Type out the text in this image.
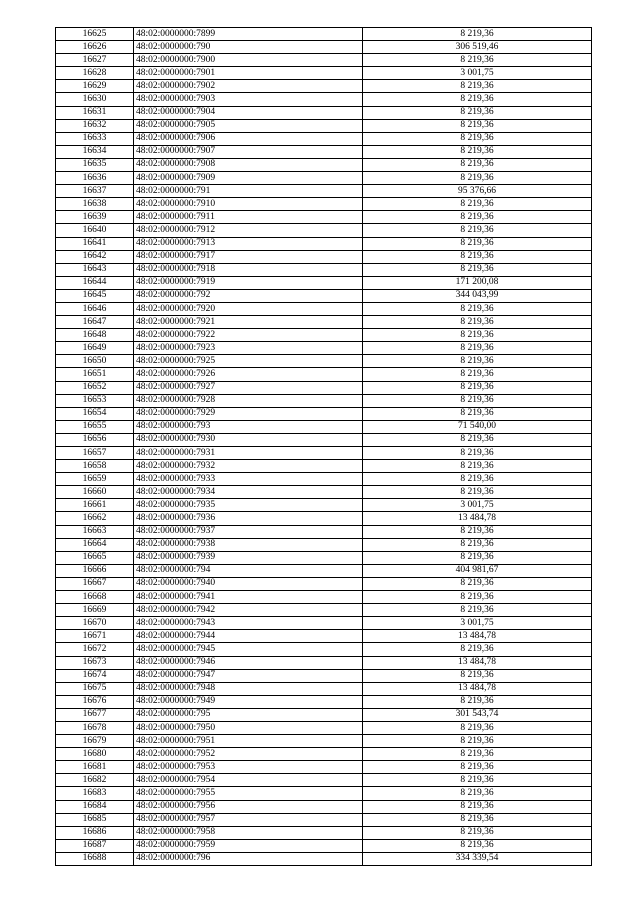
16625	48:02:0000000:7899	8 219,36
16626	48:02:0000000:790	306 519,46
16627	48:02:0000000:7900	8 219,36
16628	48:02:0000000:7901	3 001,75
16629	48:02:0000000:7902	8 219,36
16630	48:02:0000000:7903	8 219,36
16631	48:02:0000000:7904	8 219,36
16632	48:02:0000000:7905	8 219,36
16633	48:02:0000000:7906	8 219,36
16634	48:02:0000000:7907	8 219,36
16635	48:02:0000000:7908	8 219,36
16636	48:02:0000000:7909	8 219,36
16637	48:02:0000000:791	95 376,66
16638	48:02:0000000:7910	8 219,36
16639	48:02:0000000:7911	8 219,36
16640	48:02:0000000:7912	8 219,36
16641	48:02:0000000:7913	8 219,36
16642	48:02:0000000:7917	8 219,36
16643	48:02:0000000:7918	8 219,36
16644	48:02:0000000:7919	171 200,08
16645	48:02:0000000:792	344 043,99
16646	48:02:0000000:7920	8 219,36
16647	48:02:0000000:7921	8 219,36
16648	48:02:0000000:7922	8 219,36
16649	48:02:0000000:7923	8 219,36
16650	48:02:0000000:7925	8 219,36
16651	48:02:0000000:7926	8 219,36
16652	48:02:0000000:7927	8 219,36
16653	48:02:0000000:7928	8 219,36
16654	48:02:0000000:7929	8 219,36
16655	48:02:0000000:793	71 540,00
16656	48:02:0000000:7930	8 219,36
16657	48:02:0000000:7931	8 219,36
16658	48:02:0000000:7932	8 219,36
16659	48:02:0000000:7933	8 219,36
16660	48:02:0000000:7934	8 219,36
16661	48:02:0000000:7935	3 001,75
16662	48:02:0000000:7936	13 484,78
16663	48:02:0000000:7937	8 219,36
16664	48:02:0000000:7938	8 219,36
16665	48:02:0000000:7939	8 219,36
16666	48:02:0000000:794	404 981,67
16667	48:02:0000000:7940	8 219,36
16668	48:02:0000000:7941	8 219,36
16669	48:02:0000000:7942	8 219,36
16670	48:02:0000000:7943	3 001,75
16671	48:02:0000000:7944	13 484,78
16672	48:02:0000000:7945	8 219,36
16673	48:02:0000000:7946	13 484,78
16674	48:02:0000000:7947	8 219,36
16675	48:02:0000000:7948	13 484,78
16676	48:02:0000000:7949	8 219,36
16677	48:02:0000000:795	301 543,74
16678	48:02:0000000:7950	8 219,36
16679	48:02:0000000:7951	8 219,36
16680	48:02:0000000:7952	8 219,36
16681	48:02:0000000:7953	8 219,36
16682	48:02:0000000:7954	8 219,36
16683	48:02:0000000:7955	8 219,36
16684	48:02:0000000:7956	8 219,36
16685	48:02:0000000:7957	8 219,36
16686	48:02:0000000:7958	8 219,36
16687	48:02:0000000:7959	8 219,36
16688	48:02:0000000:796	334 339,54
